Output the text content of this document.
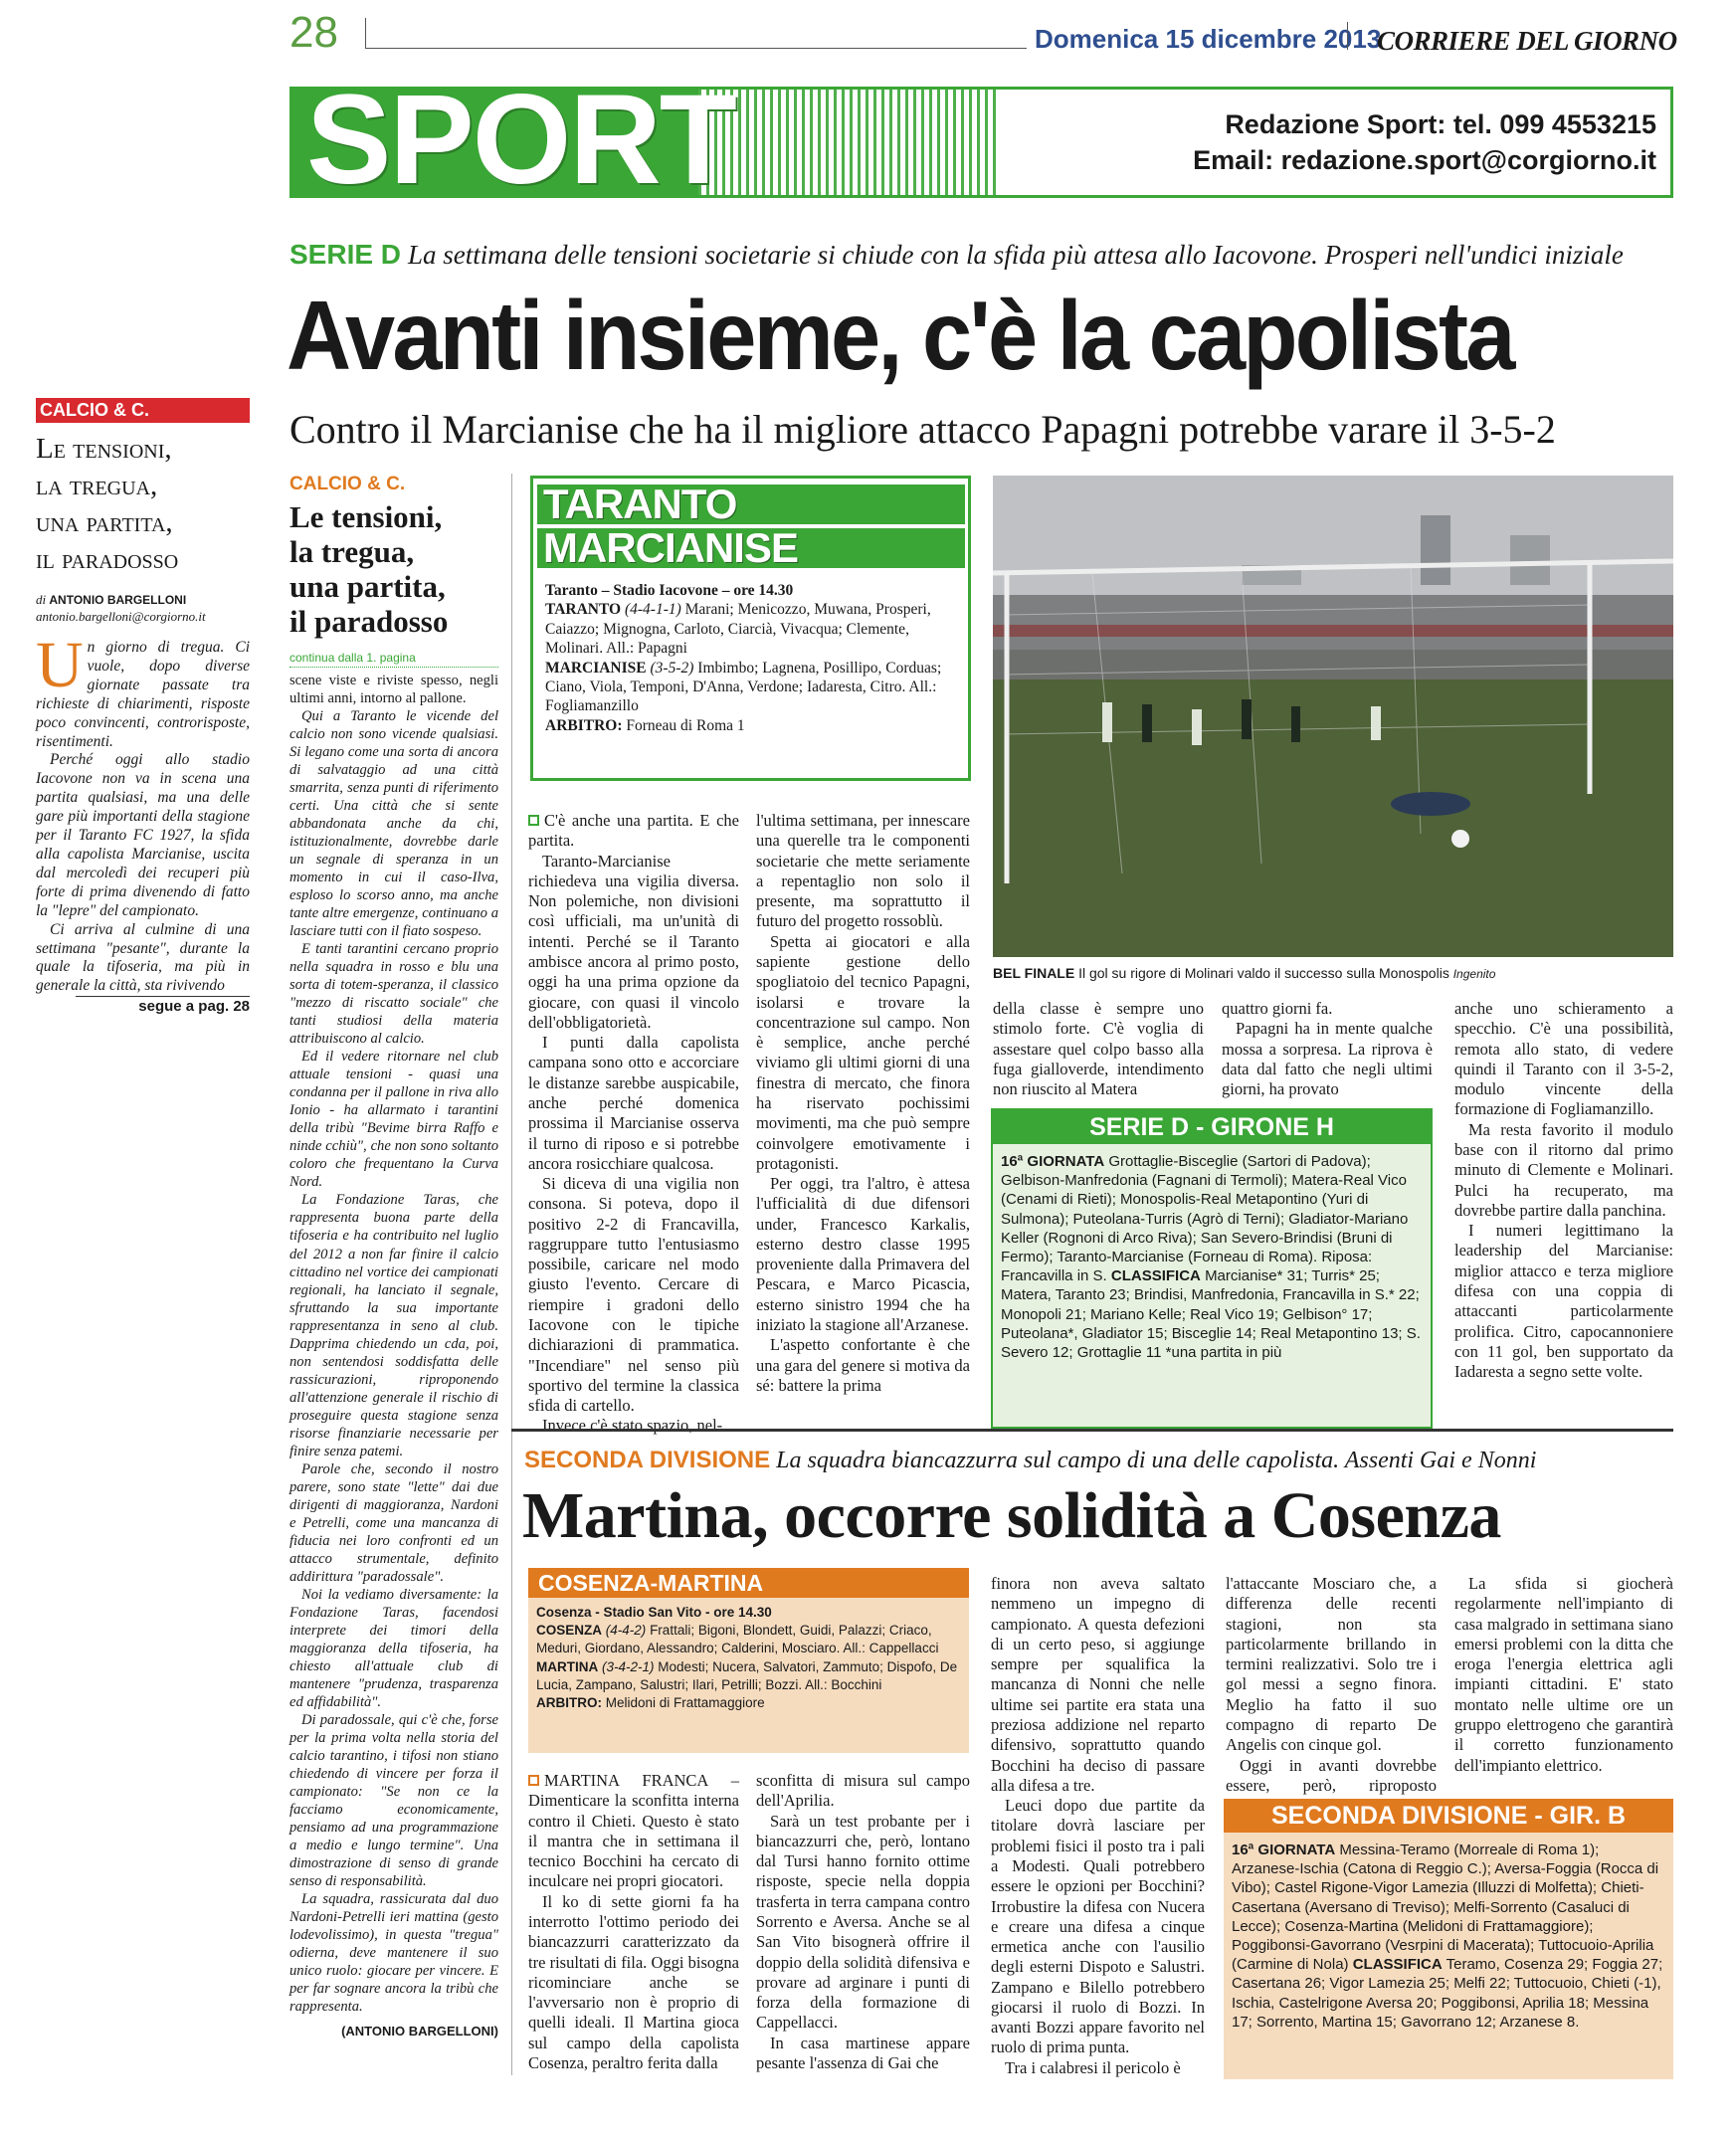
28	Domenica 15 dicembre 2013
CORRIERE DEL GIORNO
SPORT	Redazione Sport: tel. 099 4553215
Email: redazione.sport@corgiorno.it
SERIE D La settimana delle tensioni societarie si chiude con la sfida più attesa allo Iacovone. Prosperi nell'undici iniziale
Avanti insieme, c'è la capolista
Contro il Marcianise che ha il migliore attacco Papagni potrebbe varare il 3-5-2
CALCIO & C.
Le tensioni,
la tregua,
una partita,
il paradosso
di ANTONIO BARGELLONI
antonio.bargelloni@corgiorno.it
U n giorno di tregua. Ci vuole, dopo diverse giornate passate tra richieste di chiarimenti, risposte poco convincenti, controrisposte, risentimenti.

Perché oggi allo stadio Iacovone non va in scena una partita qualsiasi, ma una delle gare più importanti della stagione per il Taranto FC 1927, la sfida alla capolista Marcianise, uscita dal mercoledì dei recuperi più forte di prima divenendo di fatto la "lepre" del campionato.

Ci arriva al culmine di una settimana "pesante", durante la quale la tifoseria, ma più in generale la città, sta rivivendo

segue a pag. 28
CALCIO & C.
Le tensioni,
la tregua,
una partita,
il paradosso
continua dalla 1. pagina

scene viste e riviste spesso, negli ultimi anni, intorno al pallone.

Qui a Taranto le vicende del calcio non sono vicende qualsiasi. Si legano come una sorta di ancora di salvataggio ad una città smarrita, senza punti di riferimento certi. Una città che si sente abbandonata anche da chi, istituzionalmente, dovrebbe darle un segnale di speranza in un momento in cui il caso-Ilva, esploso lo scorso anno, ma anche tante altre emergenze, continuano a lasciare tutti con il fiato sospeso.

E tanti tarantini cercano proprio nella squadra in rosso e blu una sorta di totem-speranza, il classico "mezzo di riscatto sociale" che tanti studiosi della materia attribuiscono al calcio.

Ed il vedere ritornare nel club attuale tensioni - quasi una condanna per il pallone in riva allo Ionio - ha allarmato i tarantini della tribù "Bevime birra Raffo e ninde cchiù", che non sono soltanto coloro che frequentano la Curva Nord.

La Fondazione Taras, che rappresenta buona parte della tifoseria e ha contribuito nel luglio del 2012 a non far finire il calcio cittadino nel vortice dei campionati regionali, ha lanciato il segnale, sfruttando la sua importante rappresentanza in seno al club. Dapprima chiedendo un cda, poi, non sentendosi soddisfatta delle rassicurazioni, riproponendo all'attenzione generale il rischio di proseguire questa stagione senza risorse finanziarie necessarie per finire senza patemi.

Parole che, secondo il nostro parere, sono state "lette" dai due dirigenti di maggioranza, Nardoni e Petrelli, come una mancanza di fiducia nei loro confronti ed un attacco strumentale, definito addirittura "paradossale".

Noi la vediamo diversamente: la Fondazione Taras, facendosi interprete dei timori della maggioranza della tifoseria, ha chiesto all'attuale club di mantenere "prudenza, trasparenza ed affidabilità".

Di paradossale, qui c'è che, forse per la prima volta nella storia del calcio tarantino, i tifosi non stiano chiedendo di vincere per forza il campionato: "Se non ce la facciamo economicamente, pensiamo ad una programmazione a medio e lungo termine". Una dimostrazione di senso di grande senso di responsabilità.

La squadra, rassicurata dal duo Nardoni-Petrelli ieri mattina (gesto lodevolissimo), in questa "tregua" odierna, deve mantenere il suo unico ruolo: giocare per vincere. E per far sognare ancora la tribù che rappresenta.

(ANTONIO BARGELLONI)
TARANTO
MARCIANISE
Taranto – Stadio Iacovone – ore 14.30
TARANTO (4-4-1-1) Marani; Menicozzo, Muwana, Prosperi, Caiazzo; Mignogna, Carloto, Ciarcià, Vivacqua; Clemente, Molinari. All.: Papagni
MARCIANISE (3-5-2) Imbimbo; Lagnena, Posillipo, Corduas; Ciano, Viola, Temponi, D'Anna, Verdone; Iadaresta, Citro. All.: Fogliamanzillo
ARBITRO: Forneau di Roma 1
BEL FINALE Il gol su rigore di Molinari valdo il successo sulla Monospolis Ingenito

C'è anche una partita. E che partita.

Taranto-Marcianise richiedeva una vigilia diversa. Non polemiche, non divisioni così ufficiali, ma un'unità di intenti. Perché se il Taranto ambisce ancora al primo posto, oggi ha una prima opzione da giocare, con quasi il vincolo dell'obbligatorietà.

I punti dalla capolista campana sono otto e accorciare le distanze sarebbe auspicabile, anche perché domenica prossima il Marcianise osserva il turno di riposo e si potrebbe ancora rosicchiare qualcosa.

Si diceva di una vigilia non consona. Si poteva, dopo il positivo 2-2 di Francavilla, raggruppare tutto l'entusiasmo possibile, caricare nel modo giusto l'evento. Cercare di riempire i gradoni dello Iacovone con le tipiche dichiarazioni di prammatica. "Incendiare" nel senso più sportivo del termine la classica sfida di cartello.

Invece c'è stato spazio, nel-

l'ultima settimana, per innescare una querelle tra le componenti societarie che mette seriamente a repentaglio non solo il presente, ma soprattutto il futuro del progetto rossoblù.

Spetta ai giocatori e alla sapiente gestione dello spogliatoio del tecnico Papagni, isolarsi e trovare la concentrazione sul campo. Non è semplice, anche perché viviamo gli ultimi giorni di una finestra di mercato, che finora ha riservato pochissimi movimenti, ma che può sempre coinvolgere emotivamente i protagonisti.

Per oggi, tra l'altro, è attesa l'ufficialità di due difensori under, Francesco Karkalis, esterno destro classe 1995 proveniente dalla Primavera del Pescara, e Marco Picascia, esterno sinistro 1994 che ha iniziato la stagione all'Arzanese.

L'aspetto confortante è che una gara del genere si motiva da sé: battere la prima

della classe è sempre uno stimolo forte. C'è voglia di assestare quel colpo basso alla fuga gialloverde, intendimento non riuscito al Matera

quattro giorni fa.

Papagni ha in mente qualche mossa a sorpresa. La riprova è data dal fatto che negli ultimi giorni, ha provato

anche uno schieramento a specchio. C'è una possibilità, remota allo stato, di vedere quindi il Taranto con il 3-5-2, modulo vincente della formazione di Fogliamanzillo.

Ma resta favorito il modulo base con il ritorno dal primo minuto di Clemente e Molinari. Pulci ha recuperato, ma dovrebbe partire dalla panchina.

I numeri legittimano la leadership del Marcianise: miglior attacco e terza migliore difesa con una coppia di attaccanti particolarmente prolifica. Citro, capocannoniere con 11 gol, ben supportato da Iadaresta a segno sette volte.

SERIE D - GIRONE H
16ª GIORNATA Grottaglie-Bisceglie (Sartori di Padova); Gelbison-Manfredonia (Fagnani di Termoli); Matera-Real Vico (Cenami di Rieti); Monospolis-Real Metapontino (Yuri di Sulmona); Puteolana-Turris (Agrò di Terni); Gladiator-Mariano Keller (Rognoni di Arco Riva); San Severo-Brindisi (Bruni di Fermo); Taranto-Marcianise (Forneau di Roma). Riposa: Francavilla in S. CLASSIFICA Marcianise* 31; Turris* 25; Matera, Taranto 23; Brindisi, Manfredonia, Francavilla in S.* 22; Monopoli 21; Mariano Kelle; Real Vico 19; Gelbison° 17; Puteolana*, Gladiator 15; Bisceglie 14; Real Metapontino 13; S. Severo 12; Grottaglie 11 *una partita in più
SECONDA DIVISIONE La squadra biancazzurra sul campo di una delle capolista. Assenti Gai e Nonni
Martina, occorre solidità a Cosenza
COSENZA-MARTINA
Cosenza - Stadio San Vito - ore 14.30
COSENZA (4-4-2) Frattali; Bigoni, Blondett, Guidi, Palazzi; Criaco, Meduri, Giordano, Alessandro; Calderini, Mosciaro. All.: Cappellacci
MARTINA (3-4-2-1) Modesti; Nucera, Salvatori, Zammuto; Dispofo, De Lucia, Zampano, Salustri; Ilari, Petrilli; Bozzi. All.: Bocchini
ARBITRO: Melidoni di Frattamaggiore

MARTINA FRANCA – Dimenticare la sconfitta interna contro il Chieti. Questo è stato il mantra che in settimana il tecnico Bocchini ha cercato di inculcare nei propri giocatori.

Il ko di sette giorni fa ha interrotto l'ottimo periodo dei biancazzurri caratterizzato da tre risultati di fila. Oggi bisogna ricominciare anche se l'avversario non è proprio di quelli ideali. Il Martina gioca sul campo della capolista Cosenza, peraltro ferita dalla

sconfitta di misura sul campo dell'Aprilia.

Sarà un test probante per i biancazzurri che, però, lontano dal Tursi hanno fornito ottime risposte, specie nella doppia trasferta in terra campana contro Sorrento e Aversa. Anche se al San Vito bisognerà offrire il doppio della solidità difensiva e provare ad arginare i punti di forza della formazione di Cappellacci.

In casa martinese appare pesante l'assenza di Gai che

finora non aveva saltato nemmeno un impegno di campionato. A questa defezioni di un certo peso, si aggiunge sempre per squalifica la mancanza di Nonni che nelle ultime sei partite era stata una preziosa addizione nel reparto difensivo, soprattutto quando Bocchini ha deciso di passare alla difesa a tre.

Leuci dopo due partite da titolare dovrà lasciare per problemi fisici il posto tra i pali a Modesti. Quali potrebbero essere le opzioni per Bocchini? Irrobustire la difesa con Nucera e creare una difesa a cinque ermetica anche con l'ausilio degli esterni Dispoto e Salustri. Zampano e Bilello potrebbero giocarsi il ruolo di Bozzi. In avanti Bozzi appare favorito nel ruolo di prima punta.

Tra i calabresi il pericolo è

l'attaccante Mosciaro che, a differenza delle recenti stagioni, non sta particolarmente brillando in termini realizzativi. Solo tre i gol messi a segno finora. Meglio ha fatto il suo compagno di reparto De Angelis con cinque gol.

Oggi in avanti dovrebbe essere, però, riproposto

La sfida si giocherà regolarmente nell'impianto di casa malgrado in settimana siano emersi problemi con la ditta che eroga l'energia elettrica agli impianti cittadini. E' stato montato nelle ultime ore un gruppo elettrogeno che garantirà il corretto funzionamento dell'impianto elettrico.

SECONDA DIVISIONE - GIR. B
16ª GIORNATA Messina-Teramo (Morreale di Roma 1); Arzanese-Ischia (Catona di Reggio C.); Aversa-Foggia (Rocca di Vibo); Castel Rigone-Vigor Lamezia (Illuzzi di Molfetta); Chieti-Casertana (Aversano di Treviso); Melfi-Sorrento (Casaluci di Lecce); Cosenza-Martina (Melidoni di Frattamaggiore); Poggibonsi-Gavorrano (Vesrpini di Macerata); Tuttocuoio-Aprilia (Carmine di Nola) CLASSIFICA Teramo, Cosenza 29; Foggia 27; Casertana 26; Vigor Lamezia 25; Melfi 22; Tuttocuoio, Chieti (-1), Ischia, Castelrigone Aversa 20; Poggibonsi, Aprilia 18; Messina 17; Sorrento, Martina 15; Gavorrano 12; Arzanese 8.
